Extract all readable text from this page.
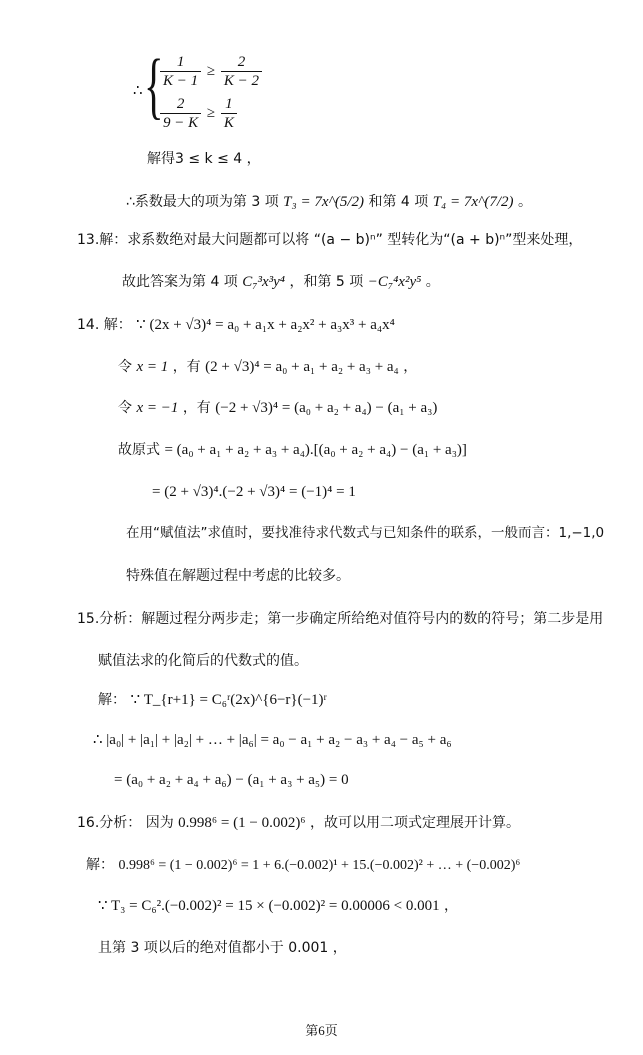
∴ {
$\frac{1}{K - 1} \ge \frac{2}{K - 2}$
$\frac{2}{9 - K} \ge \frac{1}{K}$
解得3 ≤ k ≤ 4 ，
∴系数最大的项为第 3 项 T₃ = 7x^(5/2) 和第 4 项 T₄ = 7x^(7/2) 。
13.解：求系数绝对最大问题都可以将 “(a − b)ⁿ” 型转化为“(a + b)ⁿ”型来处理，
故此答案为第 4 项 C₇³x³y⁴ ，和第 5 项 −C₇⁴x²y⁵ 。
14. 解： ∵ (2x + √3)⁴ = a₀ + a₁x + a₂x² + a₃x³ + a₄x⁴
令 x = 1 ，有 (2 + √3)⁴ = a₀ + a₁ + a₂ + a₃ + a₄ ，
令 x = −1 ，有 (−2 + √3)⁴ = (a₀ + a₂ + a₄) − (a₁ + a₃)
故原式 = (a₀ + a₁ + a₂ + a₃ + a₄).[(a₀ + a₂ + a₄) − (a₁ + a₃)]
= (2 + √3)⁴.(−2 + √3)⁴ = (−1)⁴ = 1
在用“赋值法”求值时，要找准待求代数式与已知条件的联系，一般而言：1,−1,0
特殊值在解题过程中考虑的比较多。
15.分析：解题过程分两步走；第一步确定所给绝对值符号内的数的符号；第二步是用
赋值法求的化简后的代数式的值。
解： ∵ T_{r+1} = C₆ʳ(2x)^{6−r}(−1)ʳ
∴ |a₀| + |a₁| + |a₂| + … + |a₆| = a₀ − a₁ + a₂ − a₃ + a₄ − a₅ + a₆
= (a₀ + a₂ + a₄ + a₆) − (a₁ + a₃ + a₅) = 0
16.分析： 因为 0.998⁶ = (1 − 0.002)⁶ ，故可以用二项式定理展开计算。
解： 0.998⁶ = (1 − 0.002)⁶ = 1 + 6.(−0.002)¹ + 15.(−0.002)² + … + (−0.002)⁶
∵ T₃ = C₆².(−0.002)² = 15 × (−0.002)² = 0.00006 < 0.001 ，
且第 3 项以后的绝对值都小于 0.001 ，
第6页
